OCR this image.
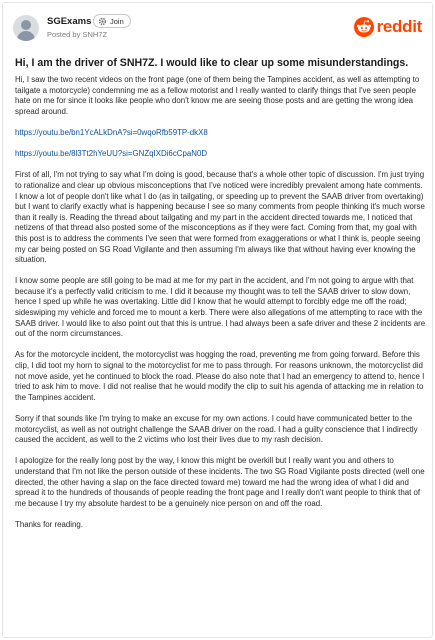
SGExams
Posted by SNH7Z
Join	reddit
Hi, I am the driver of SNH7Z. I would like to clear up some misunderstandings.

Hi, I saw the two recent videos on the front page (one of them being the Tampines accident, as well as attempting to tailgate a motorcycle) condemning me as a fellow motorist and I really wanted to clarify things that I've seen people hate on me for since it looks like people who don't know me are seeing those posts and are getting the wrong idea spread around.

https://youtu.be/bn1YcALkDnA?si=0wqoRfb59TP-dkX8
https://youtu.be/8l3Tt2hYeUU?si=GNZqIXDi6cCpaN0D

First of all, I'm not trying to say what I'm doing is good, because that's a whole other topic of discussion. I'm just trying to rationalize and clear up obvious misconceptions that I've noticed were incredibly prevalent among hate comments. I know a lot of people don't like what I do (as in tailgating, or speeding up to prevent the SAAB driver from overtaking) but I want to clarify exactly what is happening because I see so many comments from people thinking it's much worse than it really is. Reading the thread about tailgating and my part in the accident directed towards me, I noticed that netizens of that thread also posted some of the misconceptions as if they were fact. Coming from that, my goal with this post is to address the comments I've seen that were formed from exaggerations or what I think is, people seeing my car being posted on SG Road Vigilante and then assuming I'm always like that without having ever knowing the situation.

I know some people are still going to be mad at me for my part in the accident, and I'm not going to argue with that because it's a perfectly valid criticism to me. I did it because my thought was to tell the SAAB driver to slow down, hence I sped up while he was overtaking. Little did I know that he would attempt to forcibly edge me off the road; sideswiping my vehicle and forced me to mount a kerb. There were also allegations of me attempting to race with the SAAB driver. I would like to also point out that this is untrue. I had always been a safe driver and these 2 incidents are out of the norm circumstances.

As for the motorcycle incident, the motorcyclist was hogging the road, preventing me from going forward. Before this clip, I did toot my horn to signal to the motorcyclist for me to pass through. For reasons unknown, the motorcyclist did not move aside, yet he continued to block the road. Please do also note that I had an emergency to attend to, hence I tried to ask him to move. I did not realise that he would modify the clip to suit his agenda of attacking me in relation to the Tampines accident.

Sorry if that sounds like I'm trying to make an excuse for my own actions. I could have communicated better to the motorcyclist, as well as not outright challenge the SAAB driver on the road. I had a guilty conscience that I indirectly caused the accident, as well to the 2 victims who lost their lives due to my rash decision.

I apologize for the really long post by the way, I know this might be overkill but I really want you and others to understand that I'm not like the person outside of these incidents. The two SG Road Vigilante posts directed (well one directed, the other having a slap on the face directed toward me) toward me had the wrong idea of what I did and spread it to the hundreds of thousands of people reading the front page and I really don't want people to think that of me because I try my absolute hardest to be a genuinely nice person on and off the road.

Thanks for reading.
